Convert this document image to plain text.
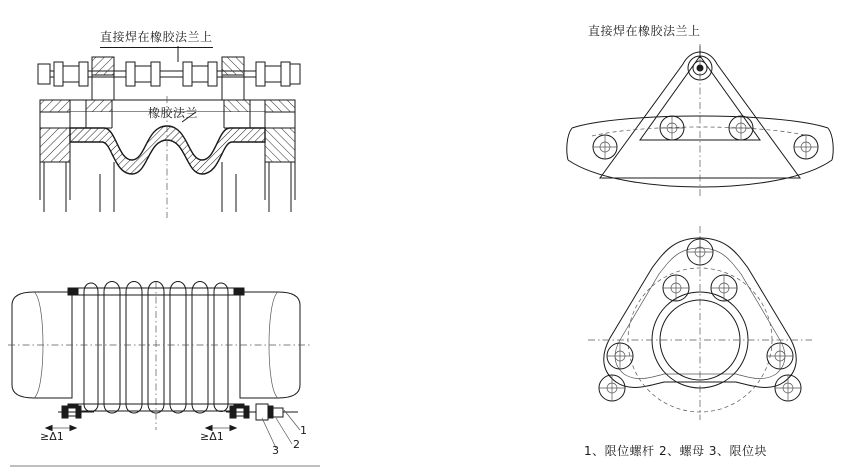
直接焊在橡胶法兰上
橡胶法兰
直接焊在橡胶法兰上
≥Δ1	≥Δ1	1
2
3	1、限位螺杆 2、螺母 3、限位块
